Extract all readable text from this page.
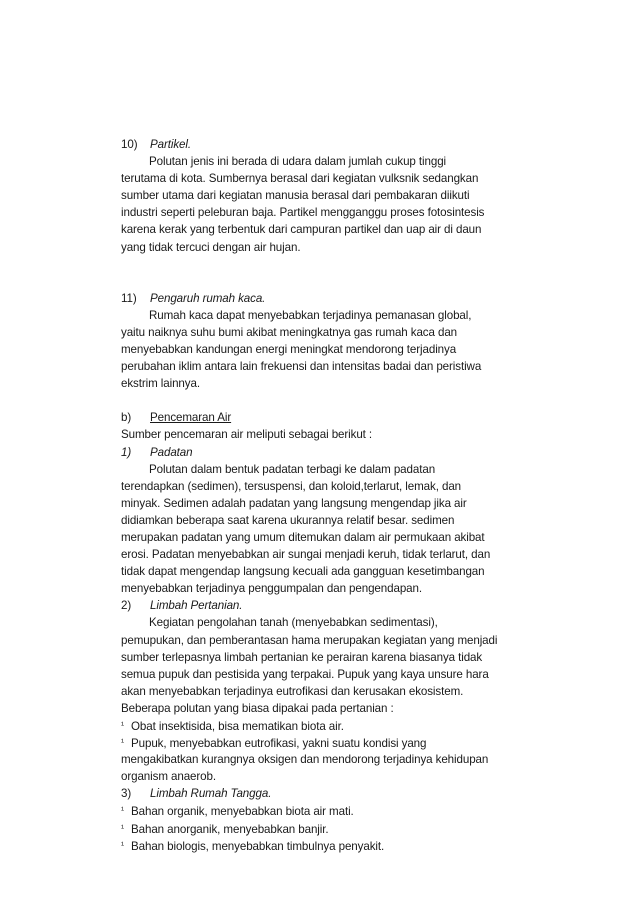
10) Partikel.
Polutan jenis ini berada di udara dalam jumlah cukup tinggi
terutama di kota. Sumbernya berasal dari kegiatan vulksnik sedangkan
sumber utama dari kegiatan manusia berasal dari pembakaran diikuti
industri seperti peleburan baja. Partikel mengganggu proses fotosintesis
karena kerak yang terbentuk dari campuran partikel dan uap air di daun
yang tidak tercuci dengan air hujan.
11) Pengaruh rumah kaca.
Rumah kaca dapat menyebabkan terjadinya pemanasan global,
yaitu naiknya suhu bumi akibat meningkatnya gas rumah kaca dan
menyebabkan kandungan energi meningkat mendorong terjadinya
perubahan iklim antara lain frekuensi dan intensitas badai dan peristiwa
ekstrim lainnya.
b) Pencemaran Air
Sumber pencemaran air meliputi sebagai berikut :
1) Padatan
Polutan dalam bentuk padatan terbagi ke dalam padatan
terendapkan (sedimen), tersuspensi, dan koloid,terlarut, lemak, dan
minyak. Sedimen adalah padatan yang langsung mengendap jika air
didiamkan beberapa saat karena ukurannya relatif besar. sedimen
merupakan padatan yang umum ditemukan dalam air permukaan akibat
erosi. Padatan menyebabkan air sungai menjadi keruh, tidak terlarut, dan
tidak dapat mengendap langsung kecuali ada gangguan kesetimbangan
menyebabkan terjadinya penggumpalan dan pengendapan.
2) Limbah Pertanian.
Kegiatan pengolahan tanah (menyebabkan sedimentasi),
pemupukan, dan pemberantasan hama merupakan kegiatan yang menjadi
sumber terlepasnya limbah pertanian ke perairan karena biasanya tidak
semua pupuk dan pestisida yang terpakai. Pupuk yang kaya unsure hara
akan menyebabkan terjadinya eutrofikasi dan kerusakan ekosistem.
Beberapa polutan yang biasa dipakai pada pertanian :
¹ Obat insektisida, bisa mematikan biota air.
¹ Pupuk, menyebabkan eutrofikasi, yakni suatu kondisi yang
mengakibatkan kurangnya oksigen dan mendorong terjadinya kehidupan
organism anaerob.
3) Limbah Rumah Tangga.
¹ Bahan organik, menyebabkan biota air mati.
¹ Bahan anorganik, menyebabkan banjir.
¹ Bahan biologis, menyebabkan timbulnya penyakit.
